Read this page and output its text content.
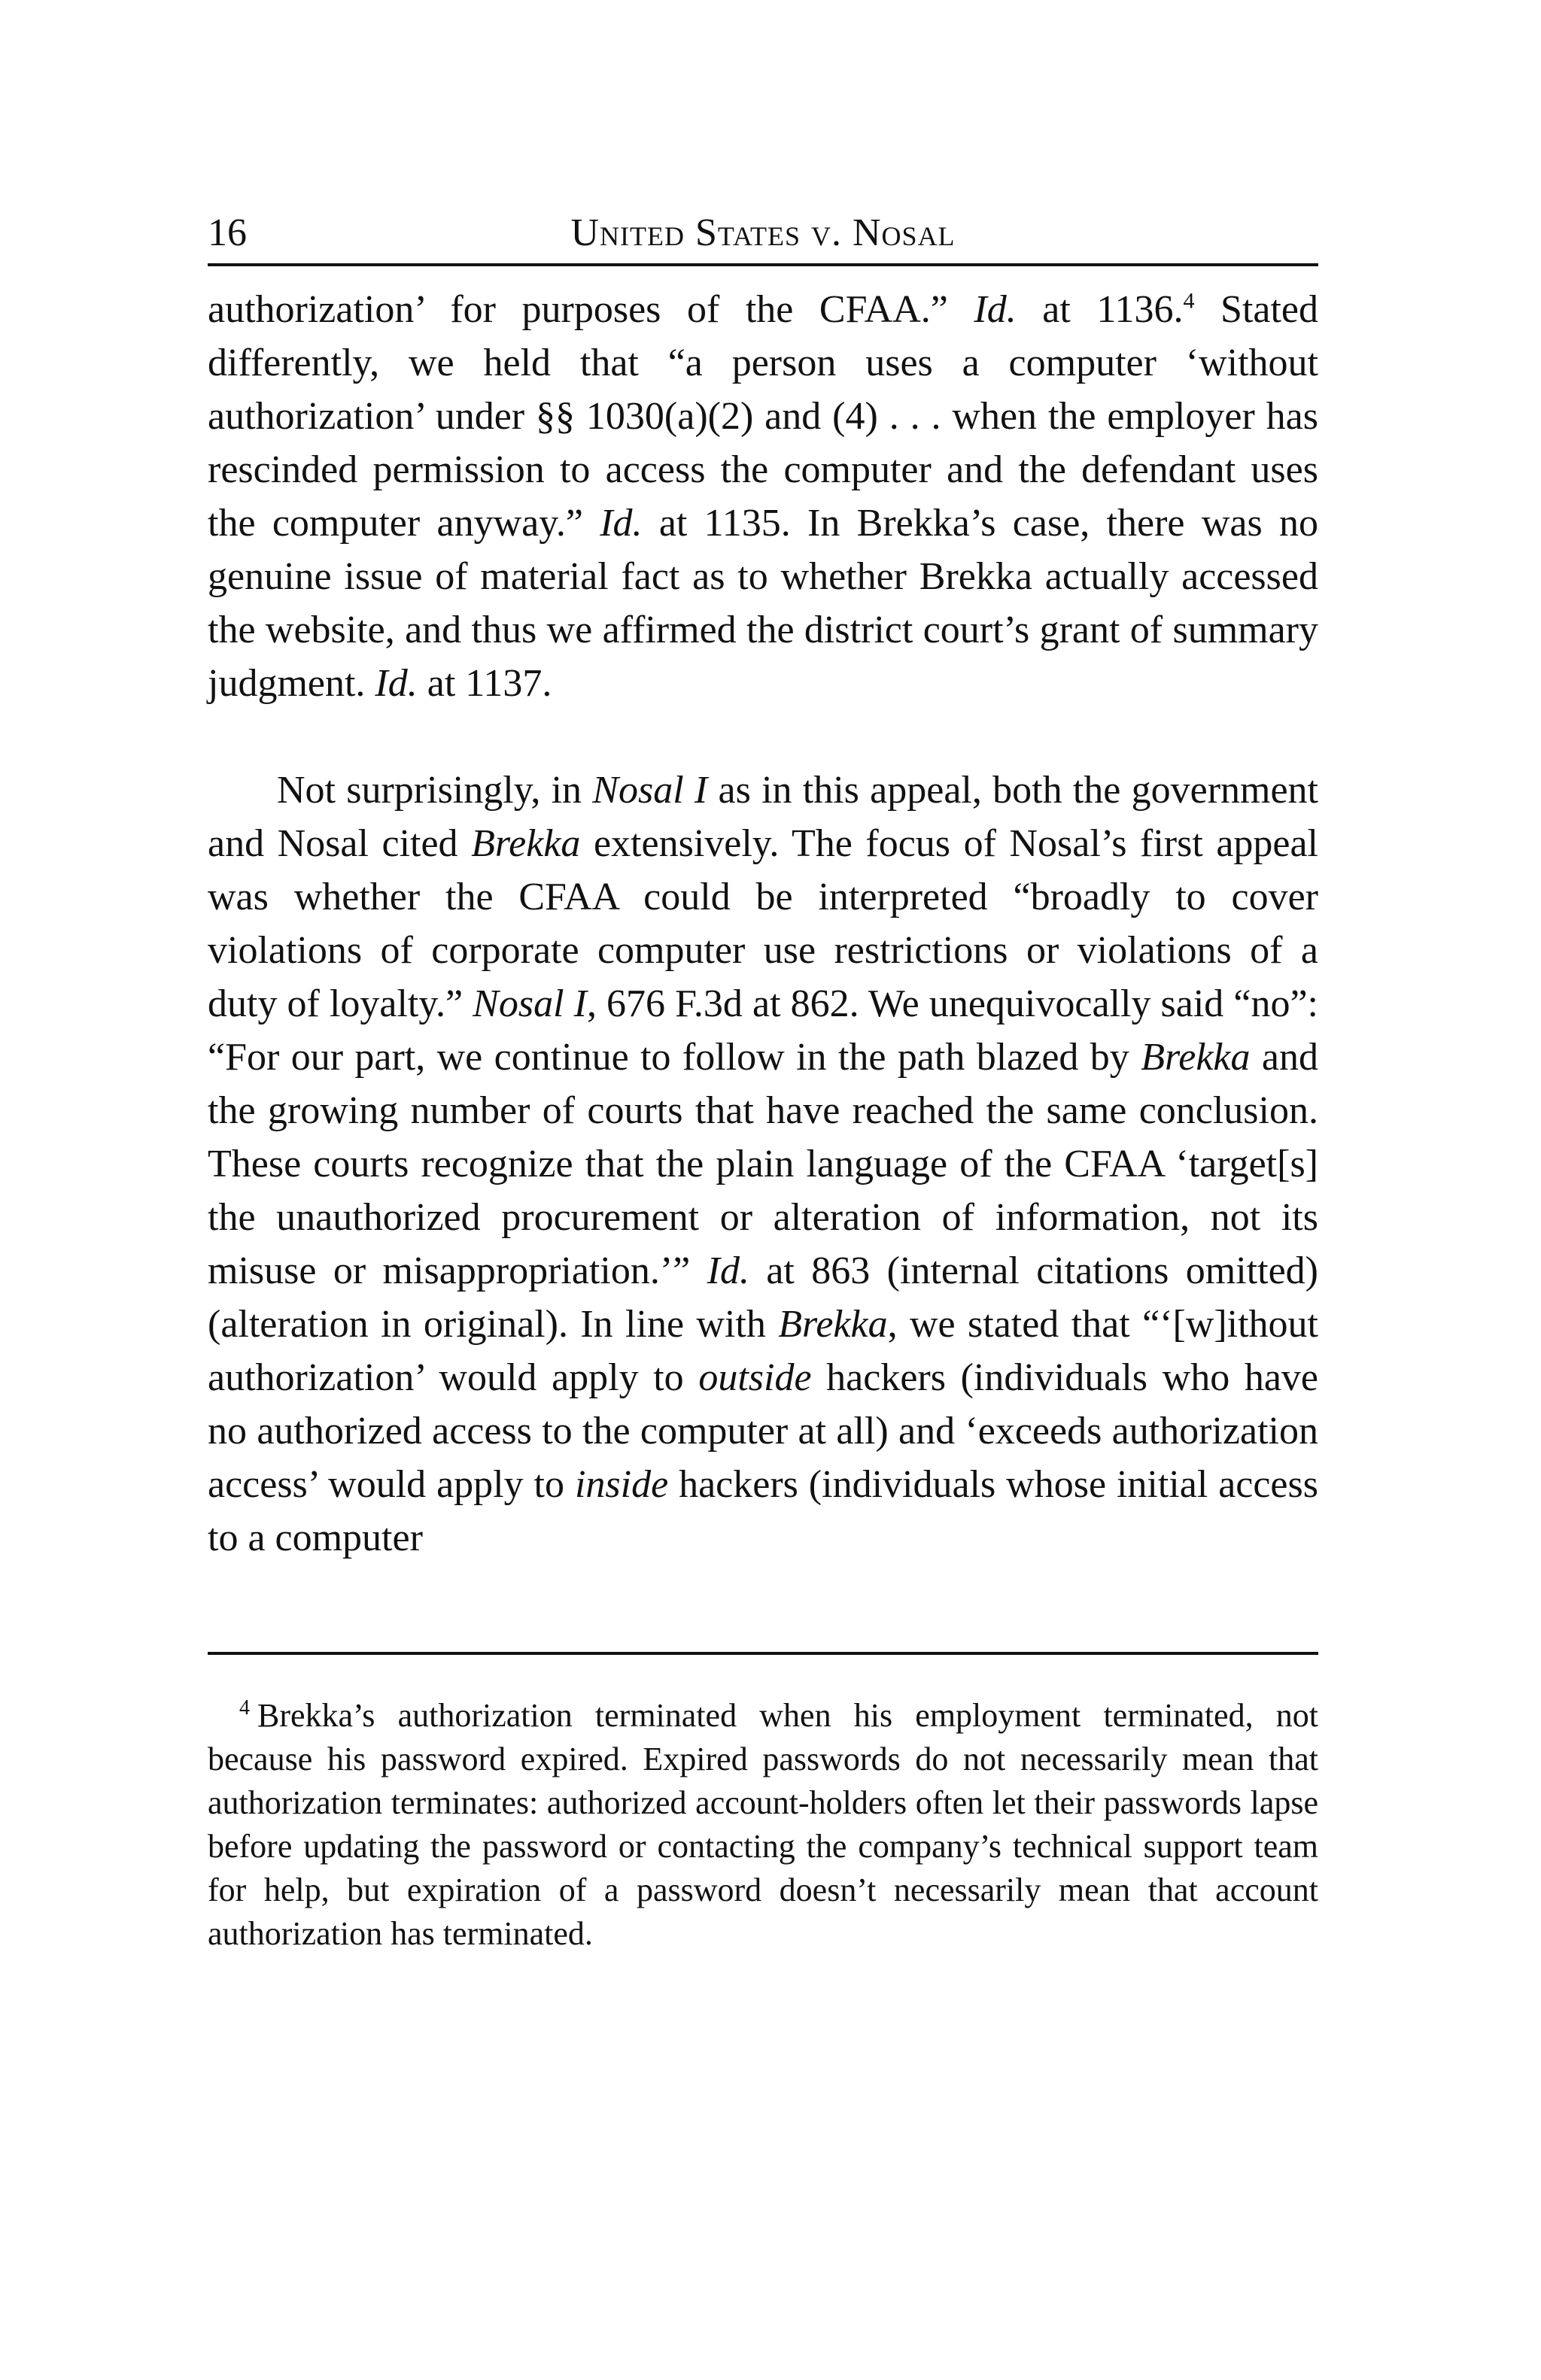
16	United States v. Nosal

authorization’ for purposes of the CFAA.” Id. at 1136.$^4$ Stated differently, we held that “a person uses a computer ‘without authorization’ under §§ 1030(a)(2) and (4) . . . when the employer has rescinded permission to access the computer and the defendant uses the computer anyway.” Id. at 1135. In Brekka’s case, there was no genuine issue of material fact as to whether Brekka actually accessed the website, and thus we affirmed the district court’s grant of summary judgment. Id. at 1137.

Not surprisingly, in Nosal I as in this appeal, both the government and Nosal cited Brekka extensively. The focus of Nosal’s first appeal was whether the CFAA could be interpreted “broadly to cover violations of corporate computer use restrictions or violations of a duty of loyalty.” Nosal I, 676 F.3d at 862. We unequivocally said “no”: “For our part, we continue to follow in the path blazed by Brekka and the growing number of courts that have reached the same conclusion. These courts recognize that the plain language of the CFAA ‘target[s] the unauthorized procurement or alteration of information, not its misuse or misappropriation.’” Id. at 863 (internal citations omitted) (alteration in original). In line with Brekka, we stated that “‘[w]ithout authorization’ would apply to outside hackers (individuals who have no authorized access to the computer at all) and ‘exceeds authorization access’ would apply to inside hackers (individuals whose initial access to a computer

$^4$ Brekka’s authorization terminated when his employment terminated, not because his password expired. Expired passwords do not necessarily mean that authorization terminates: authorized account-holders often let their passwords lapse before updating the password or contacting the company’s technical support team for help, but expiration of a password doesn’t necessarily mean that account authorization has terminated.
